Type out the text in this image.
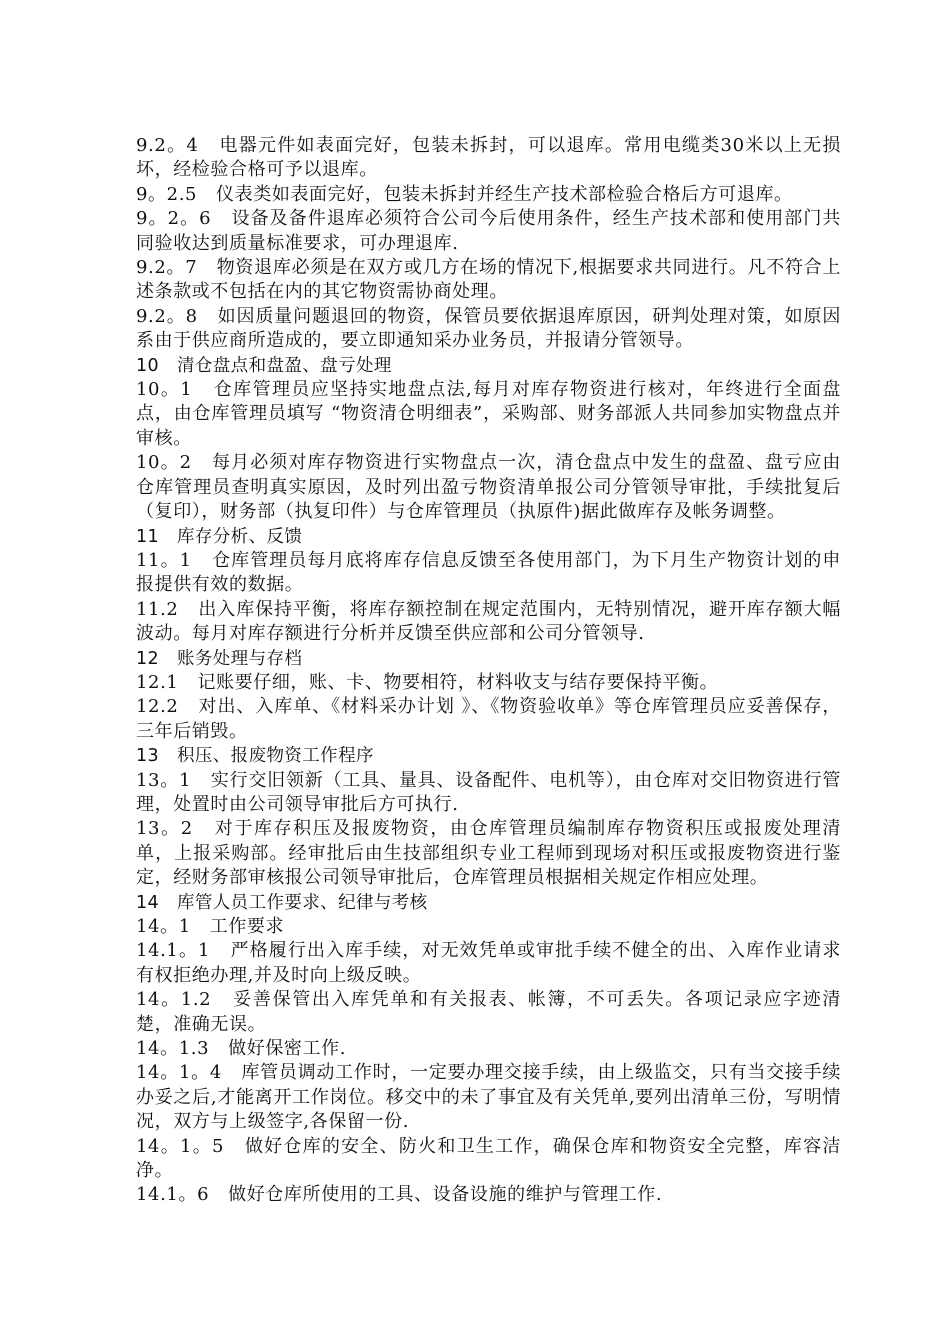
9.2。4 电器元件如表面完好，包装未拆封，可以退库。常用电缆类30米以上无损坏，经检验合格可予以退库。

9。2.5 仪表类如表面完好，包装未拆封并经生产技术部检验合格后方可退库。

9。2。6 设备及备件退库必须符合公司今后使用条件，经生产技术部和使用部门共同验收达到质量标准要求，可办理退库.

9.2。7 物资退库必须是在双方或几方在场的情况下,根据要求共同进行。凡不符合上述条款或不包括在内的其它物资需协商处理。

9.2。8 如因质量问题退回的物资，保管员要依据退库原因，研判处理对策，如原因系由于供应商所造成的，要立即通知采办业务员，并报请分管领导。

10 清仓盘点和盘盈、盘亏处理

10。1 仓库管理员应坚持实地盘点法,每月对库存物资进行核对，年终进行全面盘点，由仓库管理员填写 “物资清仓明细表”，采购部、财务部派人共同参加实物盘点并审核。

10。2 每月必须对库存物资进行实物盘点一次，清仓盘点中发生的盘盈、盘亏应由仓库管理员查明真实原因，及时列出盈亏物资清单报公司分管领导审批，手续批复后（复印），财务部（执复印件）与仓库管理员（执原件)据此做库存及帐务调整。

11 库存分析、反馈

11。1 仓库管理员每月底将库存信息反馈至各使用部门，为下月生产物资计划的申报提供有效的数据。

11.2 出入库保持平衡，将库存额控制在规定范围内，无特别情况，避开库存额大幅波动。每月对库存额进行分析并反馈至供应部和公司分管领导.

12 账务处理与存档

12.1 记账要仔细，账、卡、物要相符，材料收支与结存要保持平衡。

12.2 对出、入库单、《材料采办计划 》、《物资验收单》等仓库管理员应妥善保存，三年后销毁。

13 积压、报废物资工作程序

13。1 实行交旧领新（工具、量具、设备配件、电机等），由仓库对交旧物资进行管理，处置时由公司领导审批后方可执行.

13。2 对于库存积压及报废物资，由仓库管理员编制库存物资积压或报废处理清单，上报采购部。经审批后由生技部组织专业工程师到现场对积压或报废物资进行鉴定，经财务部审核报公司领导审批后，仓库管理员根据相关规定作相应处理。

14 库管人员工作要求、纪律与考核

14。1 工作要求

14.1。1 严格履行出入库手续，对无效凭单或审批手续不健全的出、入库作业请求有权拒绝办理,并及时向上级反映。

14。1.2 妥善保管出入库凭单和有关报表、帐簿，不可丢失。各项记录应字迹清楚，准确无误。

14。1.3 做好保密工作.

14。1。4 库管员调动工作时，一定要办理交接手续，由上级监交，只有当交接手续办妥之后,才能离开工作岗位。移交中的未了事宜及有关凭单,要列出清单三份，写明情况，双方与上级签字,各保留一份.

14。1。5 做好仓库的安全、防火和卫生工作，确保仓库和物资安全完整，库容洁净。

14.1。6 做好仓库所使用的工具、设备设施的维护与管理工作.
